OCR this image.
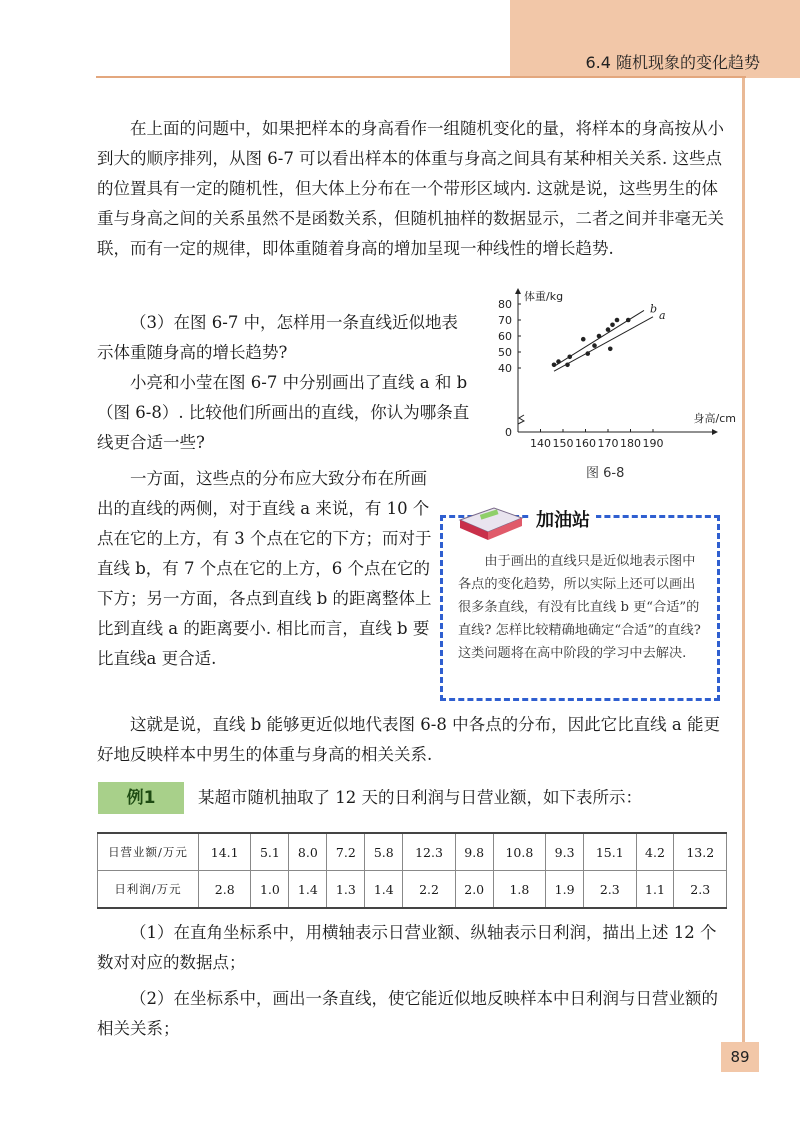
6.4 随机现象的变化趋势

在上面的问题中，如果把样本的身高看作一组随机变化的量，将样本的身高按从小到大的顺序排列，从图 6-7 可以看出样本的体重与身高之间具有某种相关关系. 这些点的位置具有一定的随机性，但大体上分布在一个带形区域内. 这就是说，这些男生的体重与身高之间的关系虽然不是函数关系，但随机抽样的数据显示，二者之间并非毫无关联，而有一定的规律，即体重随着身高的增加呈现一种线性的增长趋势.

（3）在图 6-7 中，怎样用一条直线近似地表示体重随身高的增长趋势?

小亮和小莹在图 6-7 中分别画出了直线 a 和 b（图 6-8）. 比较他们所画出的直线，你认为哪条直线更合适一些?

0
140 150 160 170 180 190
40
50
60
70
80
体重/kg
身高/cm
a
b
图 6-8

一方面，这些点的分布应大致分布在所画出的直线的两侧，对于直线 a 来说，有 10 个点在它的上方，有 3 个点在它的下方；而对于直线 b，有 7 个点在它的上方，6 个点在它的下方；另一方面，各点到直线 b 的距离整体上比到直线 a 的距离要小. 相比而言，直线 b 要比直线a 更合适.

加油站

由于画出的直线只是近似地表示图中各点的变化趋势，所以实际上还可以画出很多条直线，有没有比直线 b 更“合适”的直线? 怎样比较精确地确定“合适”的直线? 这类问题将在高中阶段的学习中去解决.

这就是说，直线 b 能够更近似地代表图 6-8 中各点的分布，因此它比直线 a 能更好地反映样本中男生的体重与身高的相关关系.

例1	某超市随机抽取了 12 天的日利润与日营业额，如下表所示：
日营业额/万元	14.1	5.1	8.0	7.2	5.8	12.3	9.8	10.8	9.3	15.1	4.2	13.2
日利润/万元	2.8	1.0	1.4	1.3	1.4	2.2	2.0	1.8	1.9	2.3	1.1	2.3

（1）在直角坐标系中，用横轴表示日营业额、纵轴表示日利润，描出上述 12 个数对对应的数据点；

（2）在坐标系中，画出一条直线，使它能近似地反映样本中日利润与日营业额的相关关系；

89
